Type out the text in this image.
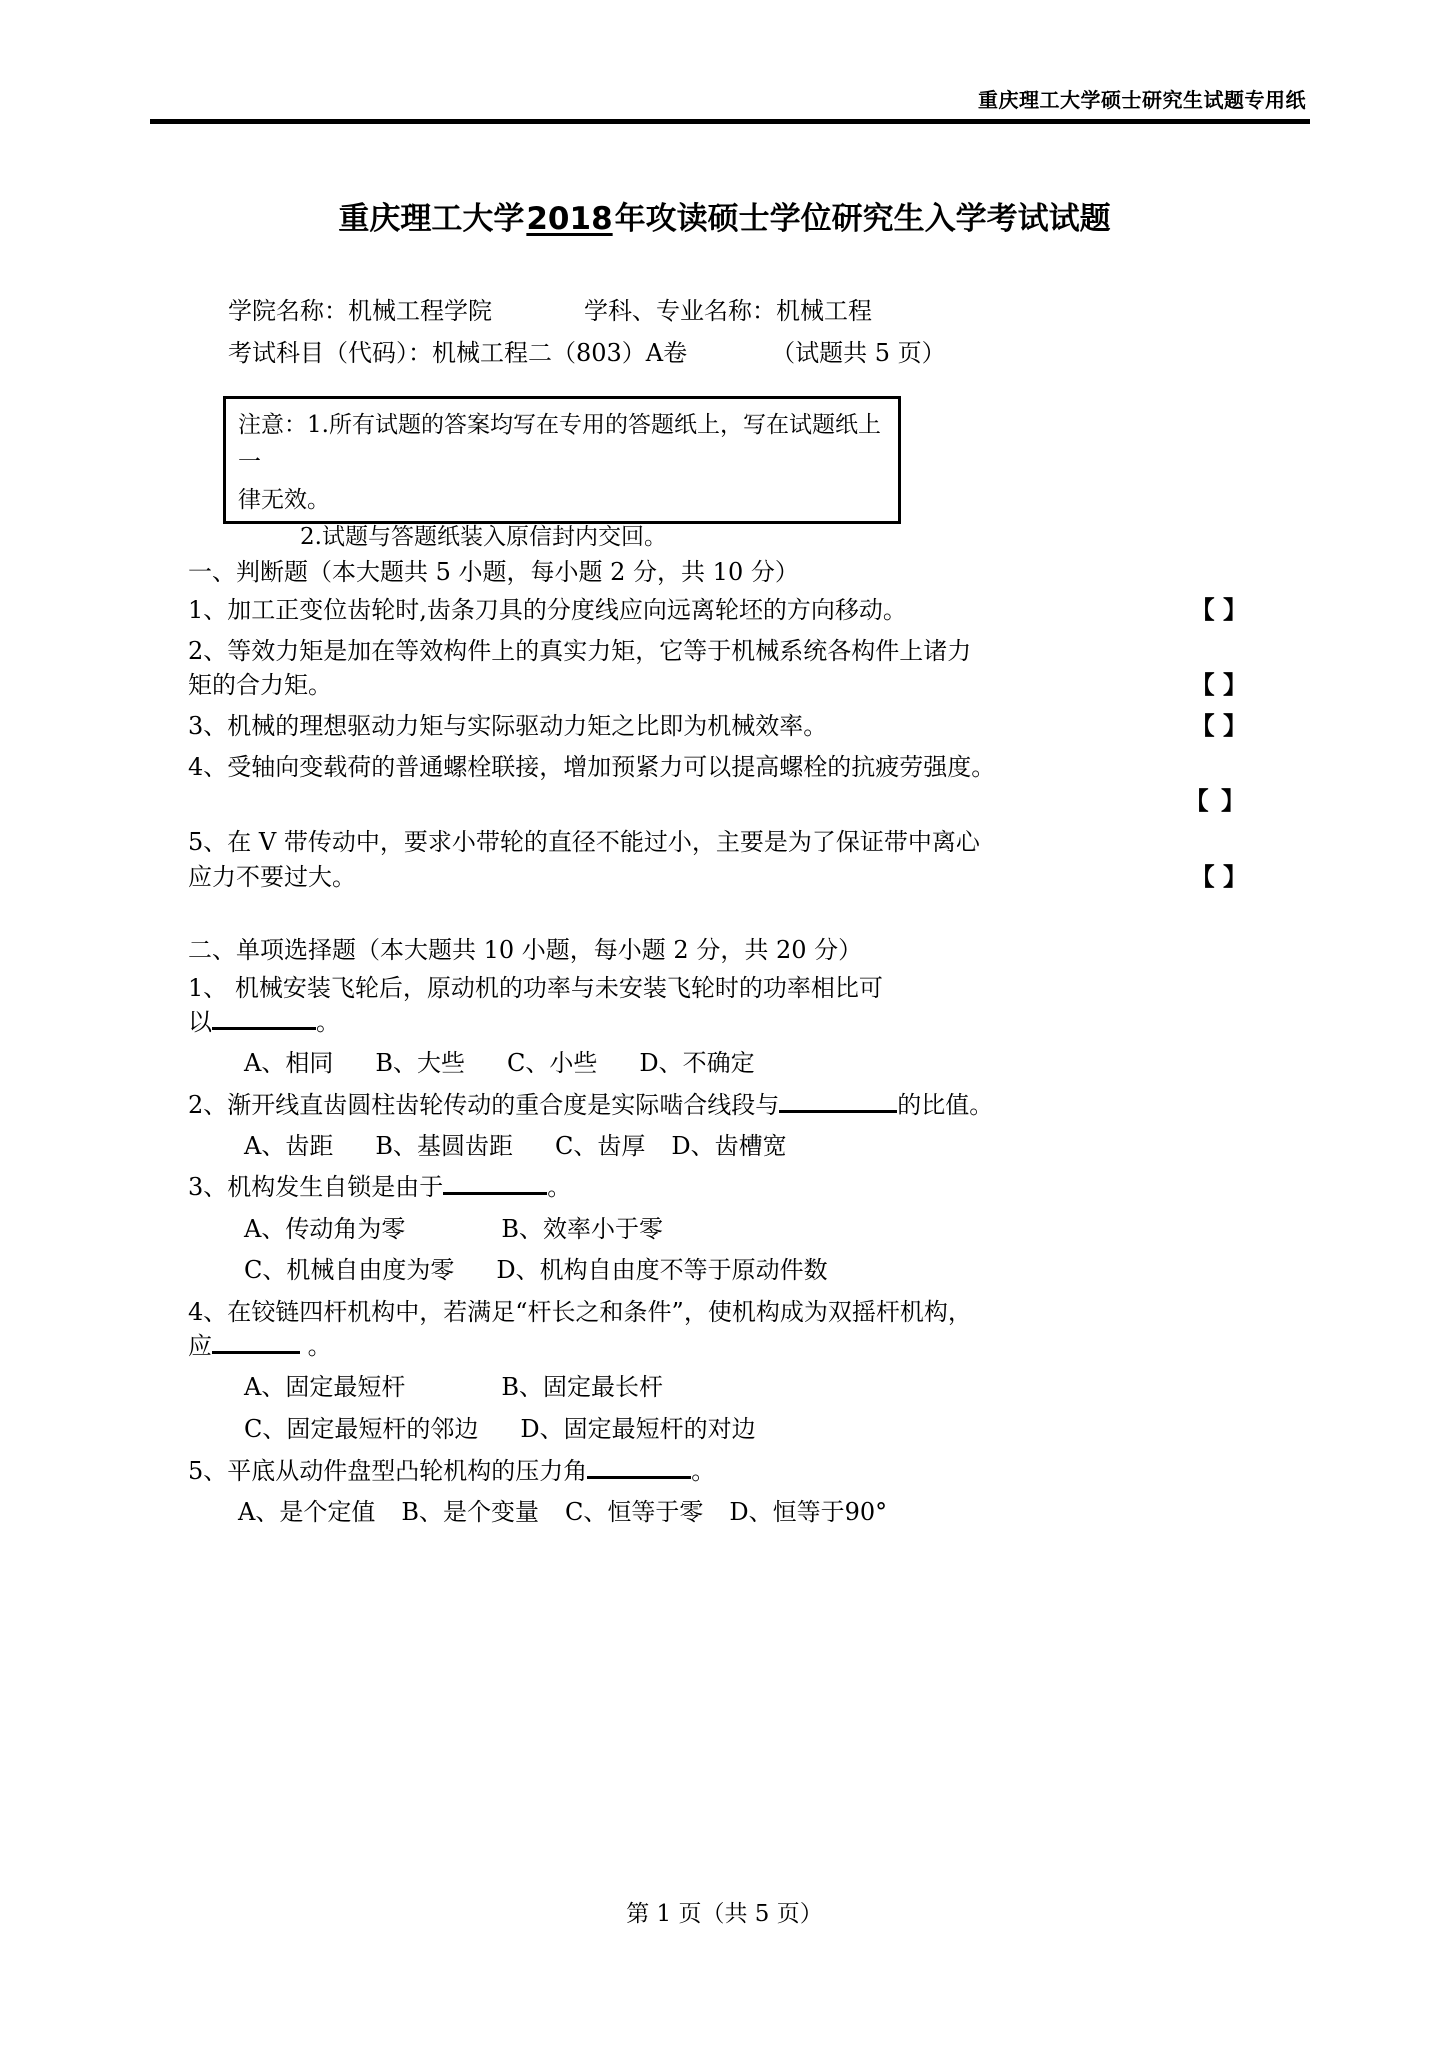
重庆理工大学硕士研究生试题专用纸
重庆理工大学2018年攻读硕士学位研究生入学考试试题
学院名称：机械工程学院	学科、专业名称：机械工程
考试科目（代码）：机械工程二（803）A卷	（试题共 5 页）
注意：1.所有试题的答案均写在专用的答题纸上，写在试题纸上一
律无效。
2.试题与答题纸装入原信封内交回。
一、判断题（本大题共 5 小题，每小题 2 分，共 10 分）
【 】
1、加工正变位齿轮时,齿条刀具的分度线应向远离轮坯的方向移动。
2、等效力矩是加在等效构件上的真实力矩，它等于机械系统各构件上诸力
【 】
矩的合力矩。
【 】
3、机械的理想驱动力矩与实际驱动力矩之比即为机械效率。
4、受轴向变载荷的普通螺栓联接，增加预紧力可以提高螺栓的抗疲劳强度。
【 】
5、在 V 带传动中，要求小带轮的直径不能过小，主要是为了保证带中离心
【 】
应力不要过大。
二、单项选择题（本大题共 10 小题，每小题 2 分，共 20 分）
1、 机械安装飞轮后，原动机的功率与未安装飞轮时的功率相比可
以	。
A、相同 B、大些 C、小些 D、不确定
2、渐开线直齿圆柱齿轮传动的重合度是实际啮合线段与	的比值。
A、齿距 B、基圆齿距 C、齿厚 D、齿槽宽
3、机构发生自锁是由于	。
A、传动角为零	B、效率小于零
C、机械自由度为零 D、机构自由度不等于原动件数
4、在铰链四杆机构中，若满足“杆长之和条件”，使机构成为双摇杆机构，
应	。
A、固定最短杆	B、固定最长杆
C、固定最短杆的邻边 D、固定最短杆的对边
5、平底从动件盘型凸轮机构的压力角	。
A、是个定值 B、是个变量 C、恒等于零 D、恒等于90°
第 1 页（共 5 页）
